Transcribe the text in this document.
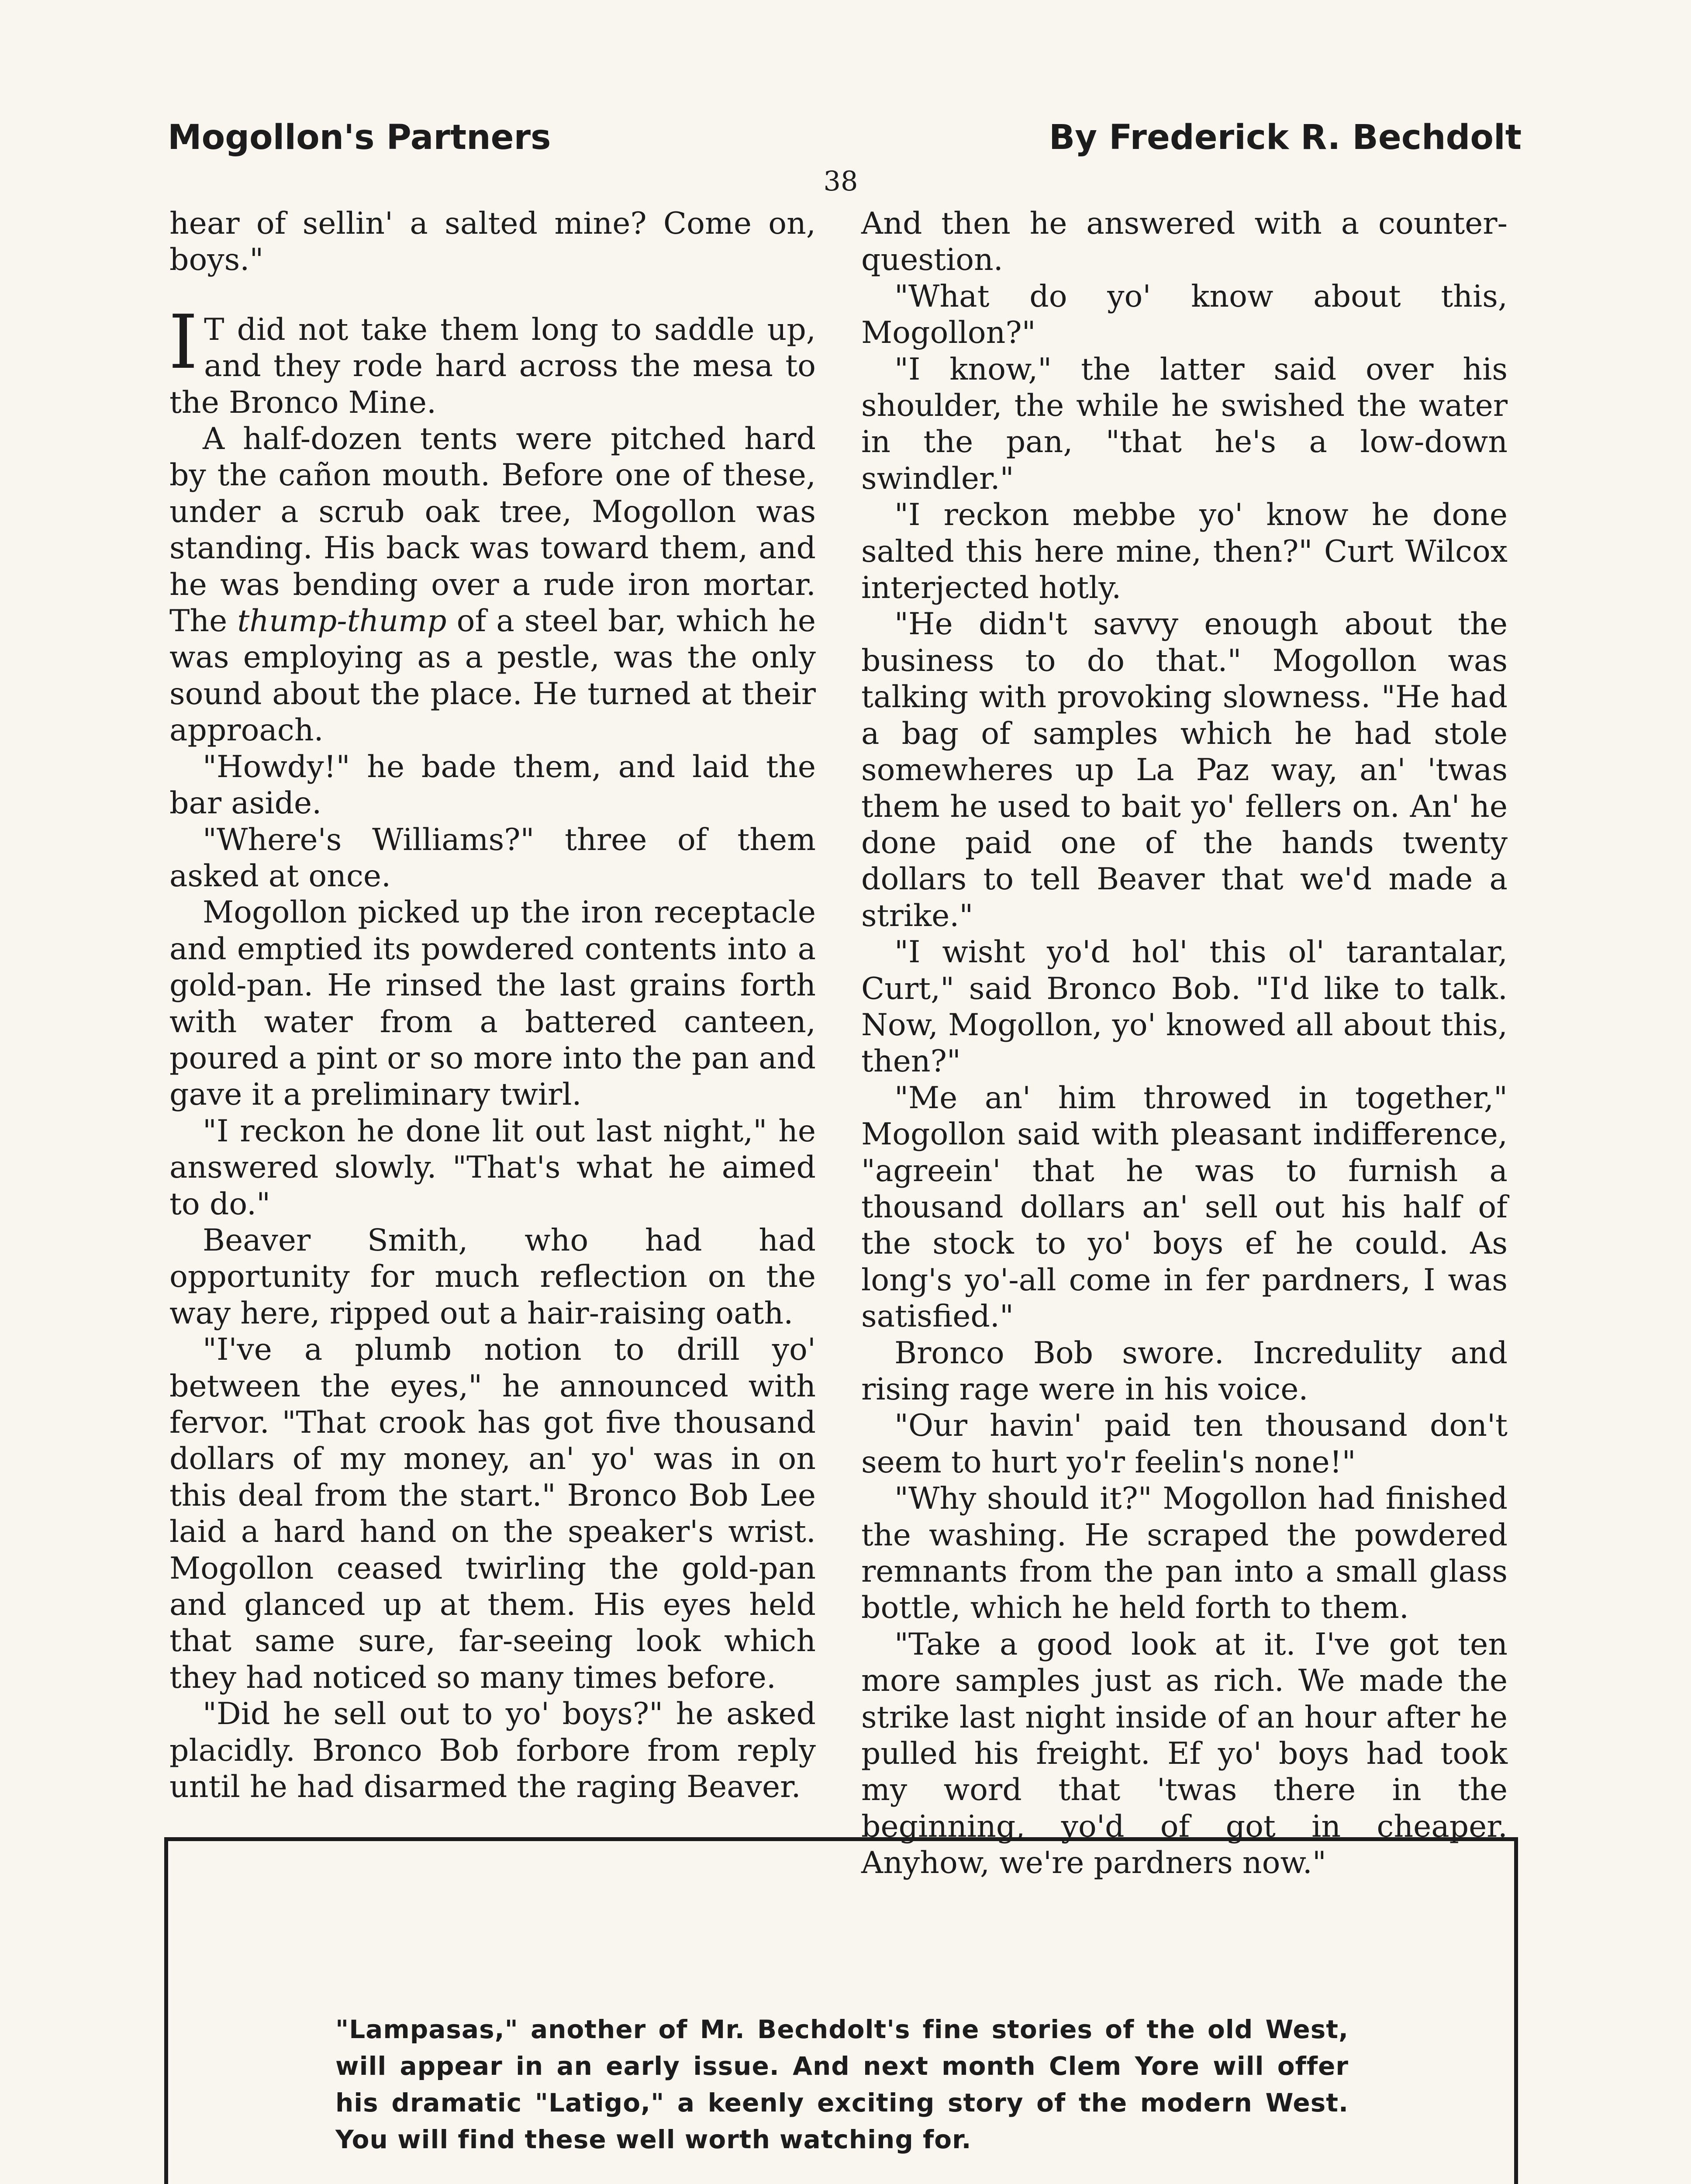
Mogollon's Partners	By Frederick R. Bechdolt
38

hear of sellin' a salted mine? Come on, boys."

I T did not take them long to saddle up, and they rode hard across the mesa to the Bronco Mine.

A half-dozen tents were pitched hard by the cañon mouth. Before one of these, under a scrub oak tree, Mogollon was standing. His back was toward them, and he was bending over a rude iron mortar. The thump-thump of a steel bar, which he was employing as a pestle, was the only sound about the place. He turned at their approach.

"Howdy!" he bade them, and laid the bar aside.

"Where's Williams?" three of them asked at once.

Mogollon picked up the iron receptacle and emptied its powdered contents into a gold-pan. He rinsed the last grains forth with water from a battered canteen, poured a pint or so more into the pan and gave it a preliminary twirl.

"I reckon he done lit out last night," he answered slowly. "That's what he aimed to do."

Beaver Smith, who had had opportunity for much reflection on the way here, ripped out a hair-raising oath.

"I've a plumb notion to drill yo' between the eyes," he announced with fervor. "That crook has got five thousand dollars of my money, an' yo' was in on this deal from the start." Bronco Bob Lee laid a hard hand on the speaker's wrist. Mogollon ceased twirling the gold-pan and glanced up at them. His eyes held that same sure, far-seeing look which they had noticed so many times before.

"Did he sell out to yo' boys?" he asked placidly. Bronco Bob forbore from reply until he had disarmed the raging Beaver.

And then he answered with a counter-question.

"What do yo' know about this, Mogollon?"

"I know," the latter said over his shoulder, the while he swished the water in the pan, "that he's a low-down swindler."

"I reckon mebbe yo' know he done salted this here mine, then?" Curt Wilcox interjected hotly.

"He didn't savvy enough about the business to do that." Mogollon was talking with provoking slowness. "He had a bag of samples which he had stole somewheres up La Paz way, an' 'twas them he used to bait yo' fellers on. An' he done paid one of the hands twenty dollars to tell Beaver that we'd made a strike."

"I wisht yo'd hol' this ol' tarantalar, Curt," said Bronco Bob. "I'd like to talk. Now, Mogollon, yo' knowed all about this, then?"

"Me an' him throwed in together," Mogollon said with pleasant indifference, "agreein' that he was to furnish a thousand dollars an' sell out his half of the stock to yo' boys ef he could. As long's yo'-all come in fer pardners, I was satisfied."

Bronco Bob swore. Incredulity and rising rage were in his voice.

"Our havin' paid ten thousand don't seem to hurt yo'r feelin's none!"

"Why should it?" Mogollon had finished the washing. He scraped the powdered remnants from the pan into a small glass bottle, which he held forth to them.

"Take a good look at it. I've got ten more samples just as rich. We made the strike last night inside of an hour after he pulled his freight. Ef yo' boys had took my word that 'twas there in the beginning, yo'd of got in cheaper. Anyhow, we're pardners now."

"Lampasas," another of Mr. Bechdolt's fine stories of the old West, will appear in an early issue. And next month Clem Yore will offer his dramatic "Latigo," a keenly exciting story of the modern West. You will find these well worth watching for.
